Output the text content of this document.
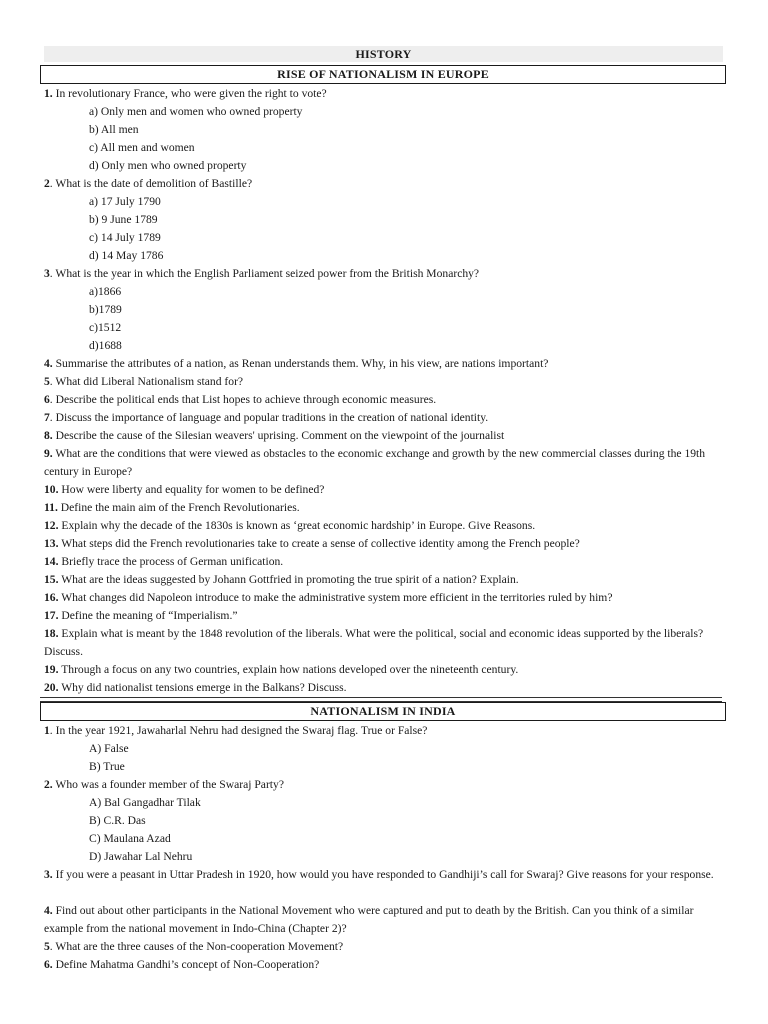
HISTORY
RISE OF NATIONALISM IN EUROPE
1. In revolutionary France, who were given the right to vote?
a) Only men and women who owned property
b) All men
c) All men and women
d) Only men who owned property
2. What is the date of demolition of Bastille?
a) 17 July 1790
b) 9 June 1789
c) 14 July 1789
d) 14 May 1786
3. What is the year in which the English Parliament seized power from the British Monarchy?
a)1866
b)1789
c)1512
d)1688
4. Summarise the attributes of a nation, as Renan understands them. Why, in his view, are nations important?
5. What did Liberal Nationalism stand for?
6. Describe the political ends that List hopes to achieve through economic measures.
7. Discuss the importance of language and popular traditions in the creation of national identity.
8. Describe the cause of the Silesian weavers' uprising. Comment on the viewpoint of the journalist
9. What are the conditions that were viewed as obstacles to the economic exchange and growth by the new commercial classes during the 19th century in Europe?
10. How were liberty and equality for women to be defined?
11. Define the main aim of the French Revolutionaries.
12. Explain why the decade of the 1830s is known as ‘great economic hardship’ in Europe. Give Reasons.
13. What steps did the French revolutionaries take to create a sense of collective identity among the French people?
14. Briefly trace the process of German unification.
15. What are the ideas suggested by Johann Gottfried in promoting the true spirit of a nation? Explain.
16. What changes did Napoleon introduce to make the administrative system more efficient in the territories ruled by him?
17. Define the meaning of “Imperialism.”
18. Explain what is meant by the 1848 revolution of the liberals. What were the political, social and economic ideas supported by the liberals? Discuss.
19. Through a focus on any two countries, explain how nations developed over the nineteenth century.
20. Why did nationalist tensions emerge in the Balkans? Discuss.
NATIONALISM IN INDIA
1. In the year 1921, Jawaharlal Nehru had designed the Swaraj flag. True or False?
A) False
B) True
2. Who was a founder member of the Swaraj Party?
A) Bal Gangadhar Tilak
B) C.R. Das
C) Maulana Azad
D) Jawahar Lal Nehru
3. If you were a peasant in Uttar Pradesh in 1920, how would you have responded to Gandhiji’s call for Swaraj? Give reasons for your response.
4. Find out about other participants in the National Movement who were captured and put to death by the British. Can you think of a similar example from the national movement in Indo-China (Chapter 2)?
5. What are the three causes of the Non-cooperation Movement?
6. Define Mahatma Gandhi’s concept of Non-Cooperation?
